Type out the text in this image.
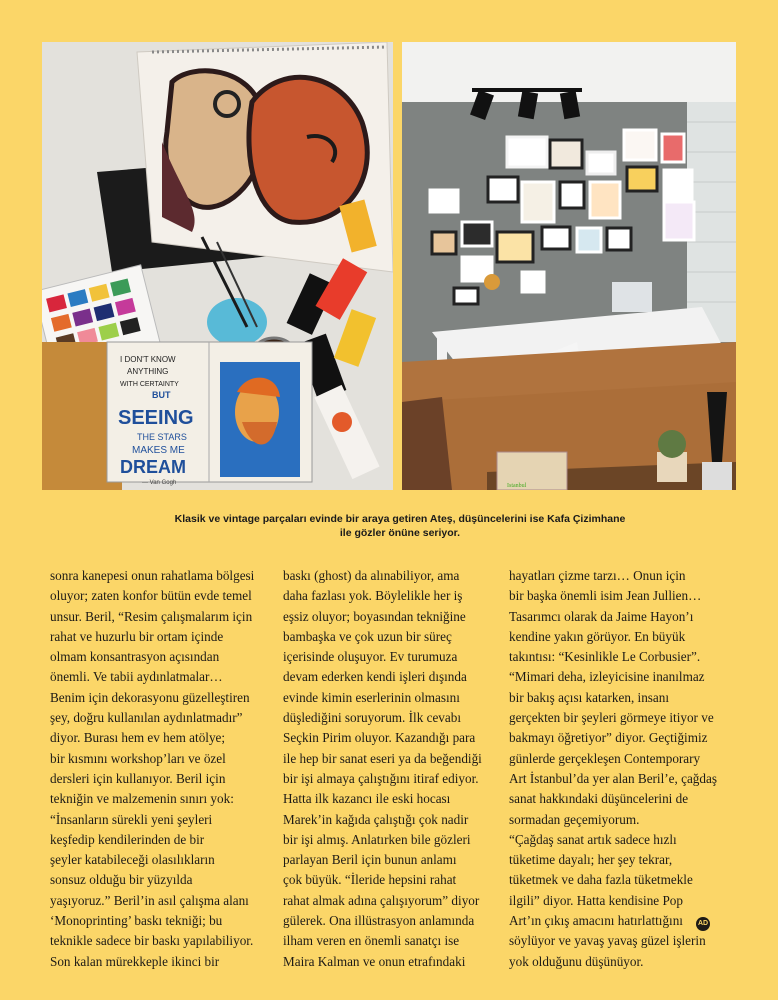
I DON'T KNOW
ANYTHING
WITH CERTAINTY
BUT
SEEING
THE STARS
MAKES ME
DREAM
— Van Gogh	Istanbul
Klasik ve vintage parçaları evinde bir araya getiren Ateş, düşüncelerini ise Kafa Çizimhane
ile gözler önüne seriyor.
sonra kanepesi onun rahatlama bölgesi
oluyor; zaten konfor bütün evde temel
unsur. Beril, “Resim çalışmalarım için
rahat ve huzurlu bir ortam içinde
olmam konsantrasyon açısından
önemli. Ve tabii aydınlatmalar…
Benim için dekorasyonu güzelleştiren
şey, doğru kullanılan aydınlatmadır”
diyor. Burası hem ev hem atölye;
bir kısmını workshop’ları ve özel
dersleri için kullanıyor. Beril için
tekniğin ve malzemenin sınırı yok:
“İnsanların sürekli yeni şeyleri
keşfedip kendilerinden de bir
şeyler katabileceği olasılıkların
sonsuz olduğu bir yüzyılda
yaşıyoruz.” Beril’in asıl çalışma alanı
‘Monoprinting’ baskı tekniği; bu
teknikle sadece bir baskı yapılabiliyor.
Son kalan mürekkeple ikinci bir
baskı (ghost) da alınabiliyor, ama
daha fazlası yok. Böylelikle her iş
eşsiz oluyor; boyasından tekniğine
bambaşka ve çok uzun bir süreç
içerisinde oluşuyor. Ev turumuza
devam ederken kendi işleri dışında
evinde kimin eserlerinin olmasını
düşlediğini soruyorum. İlk cevabı
Seçkin Pirim oluyor. Kazandığı para
ile hep bir sanat eseri ya da beğendiği
bir işi almaya çalıştığını itiraf ediyor.
Hatta ilk kazancı ile eski hocası
Marek’in kağıda çalıştığı çok nadir
bir işi almış. Anlatırken bile gözleri
parlayan Beril için bunun anlamı
çok büyük. “İleride hepsini rahat
rahat almak adına çalışıyorum” diyor
gülerek. Ona illüstrasyon anlamında
ilham veren en önemli sanatçı ise
Maira Kalman ve onun etrafındaki
hayatları çizme tarzı… Onun için
bir başka önemli isim Jean Jullien…
Tasarımcı olarak da Jaime Hayon’ı
kendine yakın görüyor. En büyük
takıntısı: “Kesinlikle Le Corbusier”.
“Mimari deha, izleyicisine inanılmaz
bir bakış açısı katarken, insanı
gerçekten bir şeyleri görmeye itiyor ve
bakmayı öğretiyor” diyor. Geçtiğimiz
günlerde gerçekleşen Contemporary
Art İstanbul’da yer alan Beril’e, çağdaş
sanat hakkındaki düşüncelerini de
sormadan geçemiyorum.
“Çağdaş sanat artık sadece hızlı
tüketime dayalı; her şey tekrar,
tüketmek ve daha fazla tüketmekle
ilgili” diyor. Hatta kendisine Pop
Art’ın çıkış amacını hatırlattığını
söylüyor ve yavaş yavaş güzel işlerin
yok olduğunu düşünüyor.
AD
